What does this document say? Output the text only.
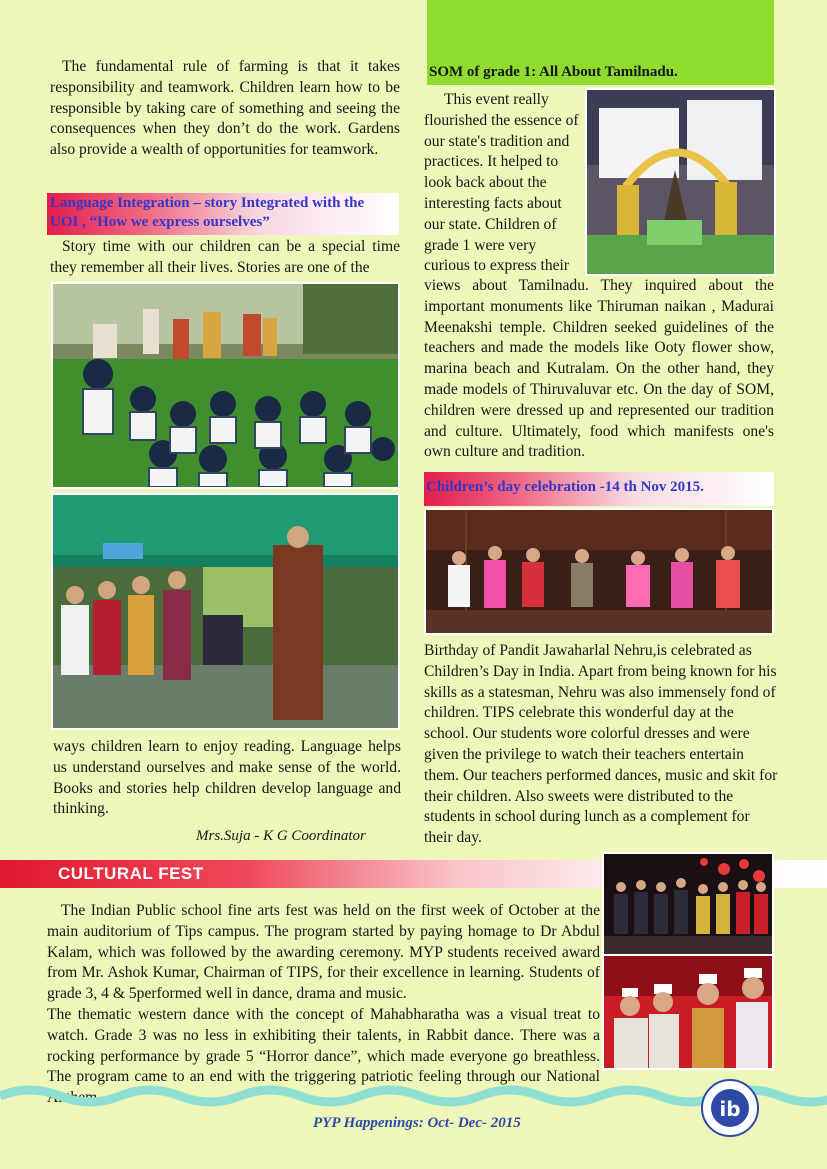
The fundamental rule of farming is that it takes responsibility and teamwork. Children learn how to be responsible by taking care of something and seeing the consequences when they don’t do the work. Gardens also provide a wealth of opportunities for teamwork.
Language Integration – story Integrated with the UOI , “How we express ourselves”
Story time with our children can be a special time they remember all their lives. Stories are one of the
ways children learn to enjoy reading. Language helps us understand ourselves and make sense of the world. Books and stories help children develop language and thinking.
Mrs.Suja - K G Coordinator
SOM of grade 1: All About Tamilnadu.
This event really flourished the essence of our state's tradition and practices. It helped to look back about the interesting facts about our state. Children of grade 1 were very curious to express their
views about Tamilnadu. They inquired about the important monuments like Thiruman naikan , Madurai Meenakshi temple. Children seeked guidelines of the teachers and made the models like Ooty flower show, marina beach and Kutralam. On the other hand, they made models of Thiruvaluvar etc. On the day of SOM, children were dressed up and represented our tradition and culture. Ultimately, food which manifests one's own culture and tradition.
Children’s day celebration -14 th Nov 2015.
Birthday of Pandit Jawaharlal Nehru,is celebrated as Children’s Day in India. Apart from being known for his skills as a statesman, Nehru was also immensely fond of children. TIPS celebrate this wonderful day at the school. Our students wore colorful dresses and were given the privilege to watch their teachers entertain them. Our teachers performed dances, music and skit for their children. Also sweets were distributed to the students in school during lunch as a complement for their day.
CULTURAL FEST
The Indian Public school fine arts fest was held on the first week of October at the main auditorium of Tips campus. The program started by paying homage to Dr Abdul Kalam, which was followed by the awarding ceremony. MYP students received award from Mr. Ashok Kumar, Chairman of TIPS, for their excellence in learning. Students of grade 3, 4 & 5performed well in dance, drama and music.
The thematic western dance with the concept of Mahabharatha was a visual treat to watch. Grade 3 was no less in exhibiting their talents, in Rabbit dance. There was a rocking performance by grade 5 “Horror dance”, which made everyone go breathless. The program came to an end with the triggering patriotic feeling through our National Anthem.
PYP Happenings: Oct- Dec- 2015
ib
